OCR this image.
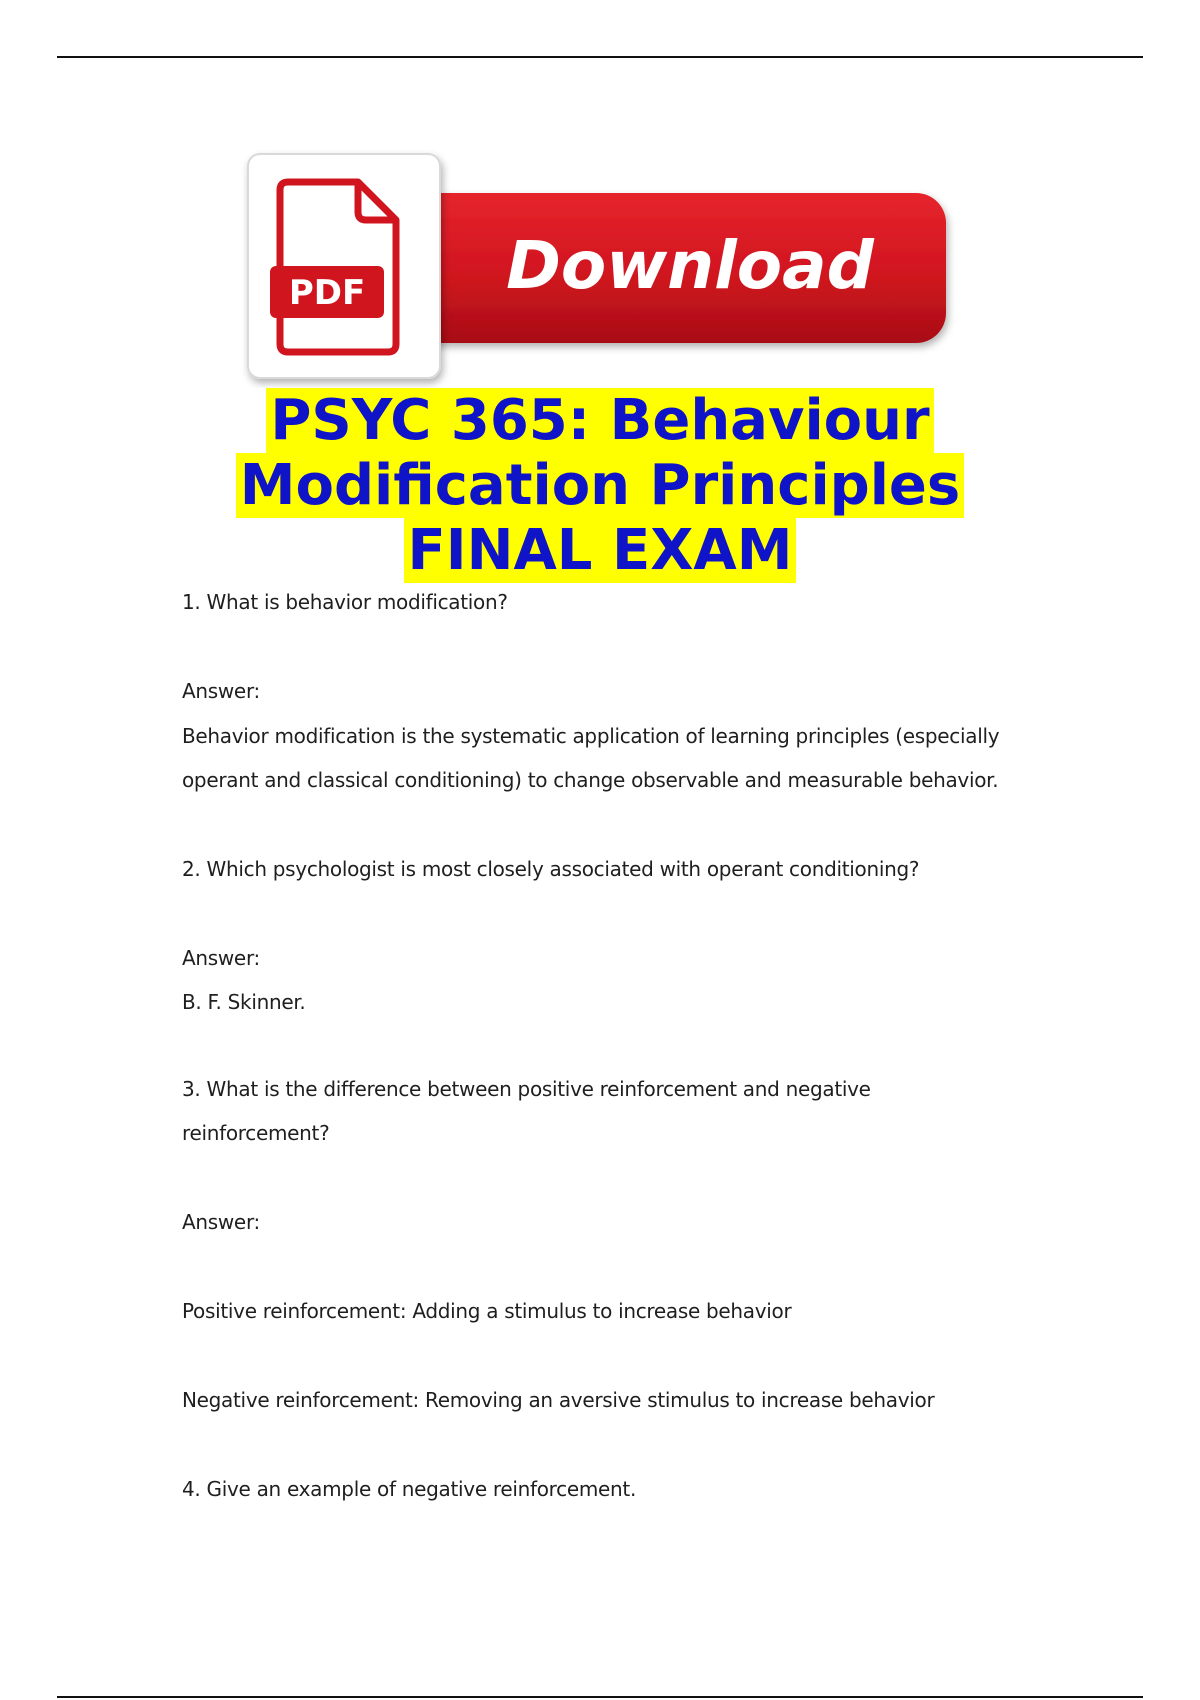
PDF Download
PSYC 365: Behaviour
Modification Principles
FINAL EXAM
1. What is behavior modification?
Answer:
Behavior modification is the systematic application of learning principles (especially
operant and classical conditioning) to change observable and measurable behavior.
2. Which psychologist is most closely associated with operant conditioning?
Answer:
B. F. Skinner.
3. What is the difference between positive reinforcement and negative
reinforcement?
Answer:
Positive reinforcement: Adding a stimulus to increase behavior
Negative reinforcement: Removing an aversive stimulus to increase behavior
4. Give an example of negative reinforcement.
